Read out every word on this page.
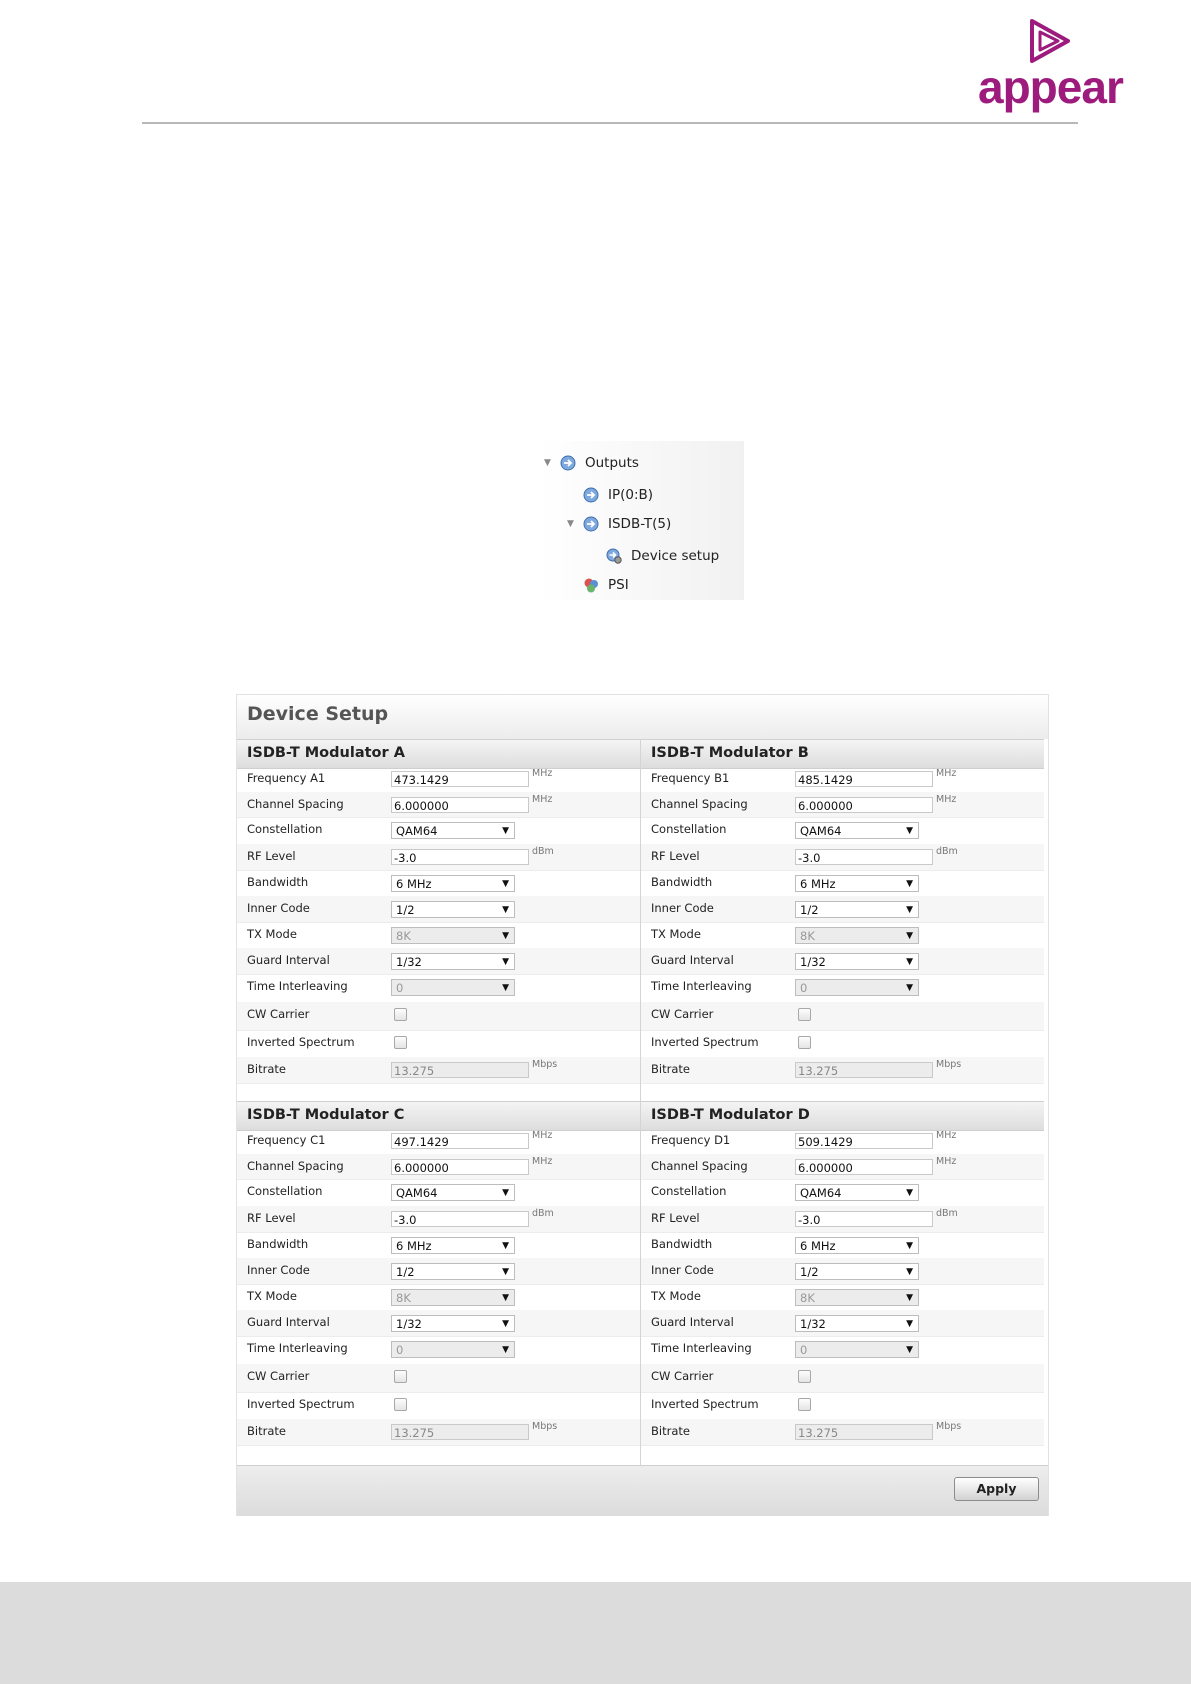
appear
▼	Outputs
IP(0:B)
▼	ISDB-T(5)
Device setup
PSI
Device Setup
ISDB-T Modulator A
Frequency A1	473.1429	MHz
Channel Spacing	6.000000	MHz
Constellation	QAM64	▼
RF Level	-3.0	dBm
Bandwidth	6 MHz	▼
Inner Code	1/2	▼
TX Mode	8K	▼
Guard Interval	1/32	▼
Time Interleaving	0	▼
CW Carrier
Inverted Spectrum
Bitrate	13.275	Mbps
ISDB-T Modulator B
Frequency B1	485.1429	MHz
Channel Spacing	6.000000	MHz
Constellation	QAM64	▼
RF Level	-3.0	dBm
Bandwidth	6 MHz	▼
Inner Code	1/2	▼
TX Mode	8K	▼
Guard Interval	1/32	▼
Time Interleaving	0	▼
CW Carrier
Inverted Spectrum
Bitrate	13.275	Mbps
ISDB-T Modulator C
Frequency C1	497.1429	MHz
Channel Spacing	6.000000	MHz
Constellation	QAM64	▼
RF Level	-3.0	dBm
Bandwidth	6 MHz	▼
Inner Code	1/2	▼
TX Mode	8K	▼
Guard Interval	1/32	▼
Time Interleaving	0	▼
CW Carrier
Inverted Spectrum
Bitrate	13.275	Mbps
ISDB-T Modulator D
Frequency D1	509.1429	MHz
Channel Spacing	6.000000	MHz
Constellation	QAM64	▼
RF Level	-3.0	dBm
Bandwidth	6 MHz	▼
Inner Code	1/2	▼
TX Mode	8K	▼
Guard Interval	1/32	▼
Time Interleaving	0	▼
CW Carrier
Inverted Spectrum
Bitrate	13.275	Mbps
Apply
